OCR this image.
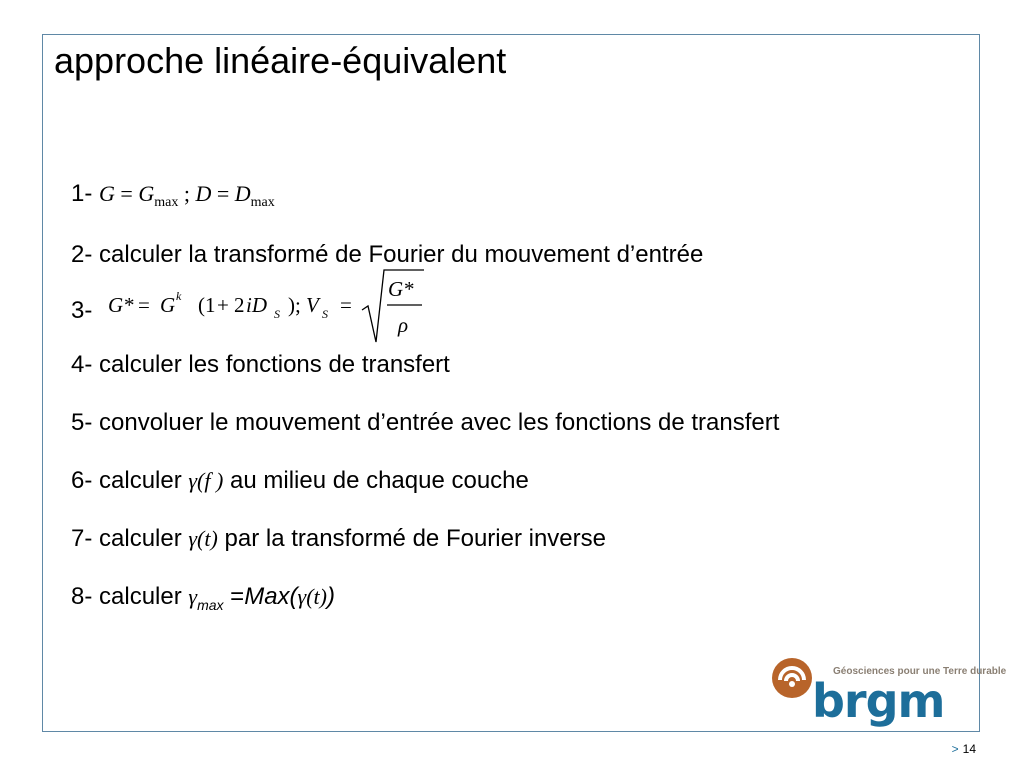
approche linéaire-équivalent
1- $G = G_{max}$ ; $D = D_{max}$
2- calculer la transformé de Fourier du mouvement d’entrée
3- G * = G k (1 + 2 iD S ); V S =
G *
ρ
4- calculer les fonctions de transfert
5- convoluer le mouvement d’entrée avec les fonctions de transfert
6- calculer γ(f ) au milieu de chaque couche
7- calculer γ(t) par la transformé de Fourier inverse
8- calculer $\gamma_{max} =Max(\gamma(t))$
Géosciences pour une Terre durable
brgm
> 14
